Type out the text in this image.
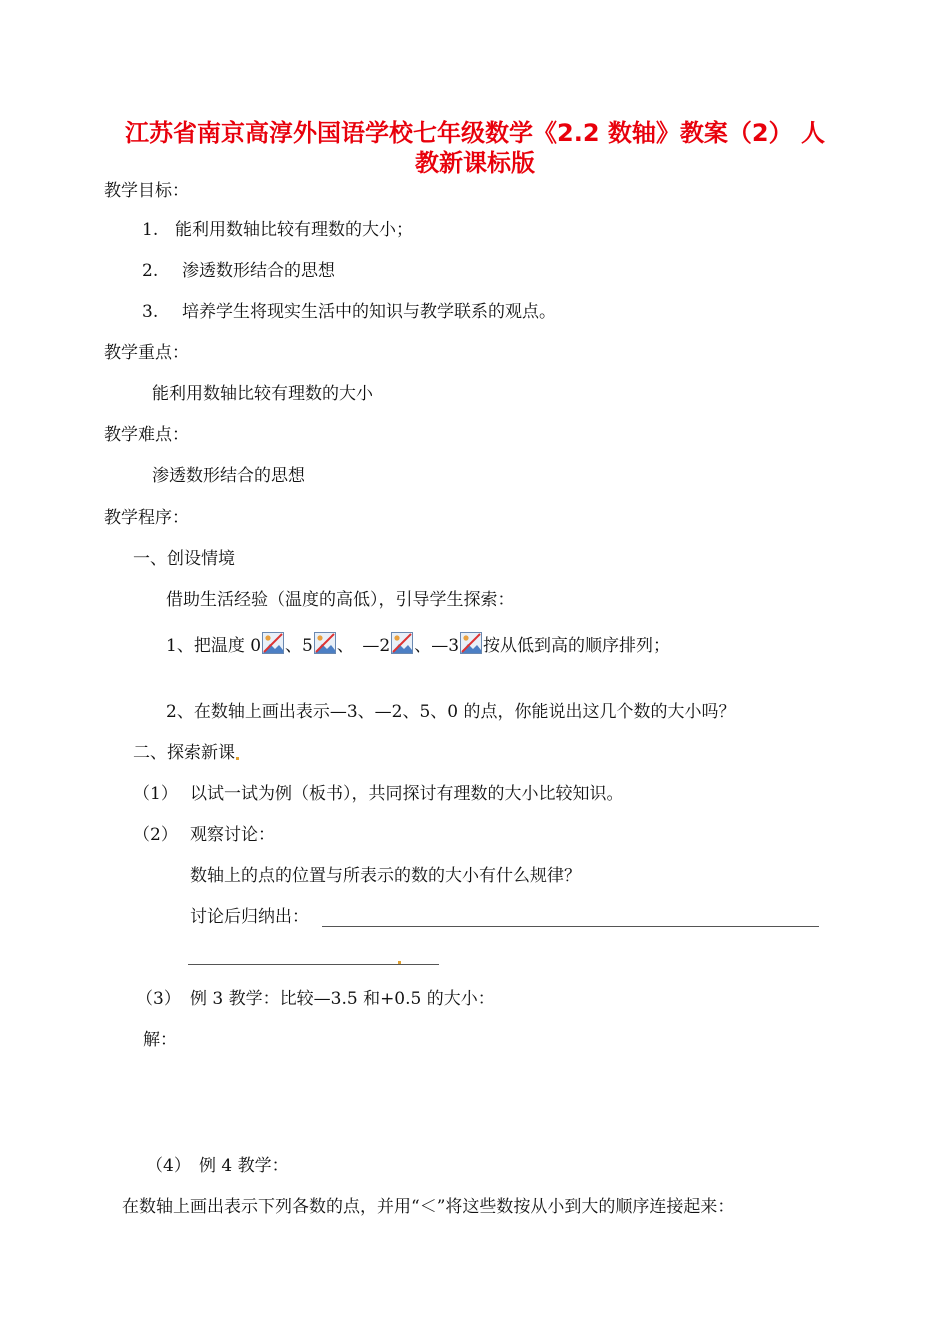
江苏省南京高淳外国语学校七年级数学《2.2 数轴》教案（2） 人
教新课标版
教学目标：
1. 能利用数轴比较有理数的大小；
2. 渗透数形结合的思想
3. 培养学生将现实生活中的知识与教学联系的观点。
教学重点：
能利用数轴比较有理数的大小
教学难点：
渗透数形结合的思想
教学程序：
一、创设情境
借助生活经验（温度的高低），引导学生探索：
1、把温度 0 、5 、　—2 、—3 按从低到高的顺序排列；
2、在数轴上画出表示—3、—2、5、0 的点，你能说出这几个数的大小吗？
二、探索新课
（1） 以试一试为例（板书），共同探讨有理数的大小比较知识。
（2） 观察讨论：
数轴上的点的位置与所表示的数的大小有什么规律？
讨论后归纳出：
（3） 例 3 教学：比较—3.5 和+0.5 的大小：
解：
（4） 例 4 教学：
在数轴上画出表示下列各数的点，并用“＜”将这些数按从小到大的顺序连接起来：
